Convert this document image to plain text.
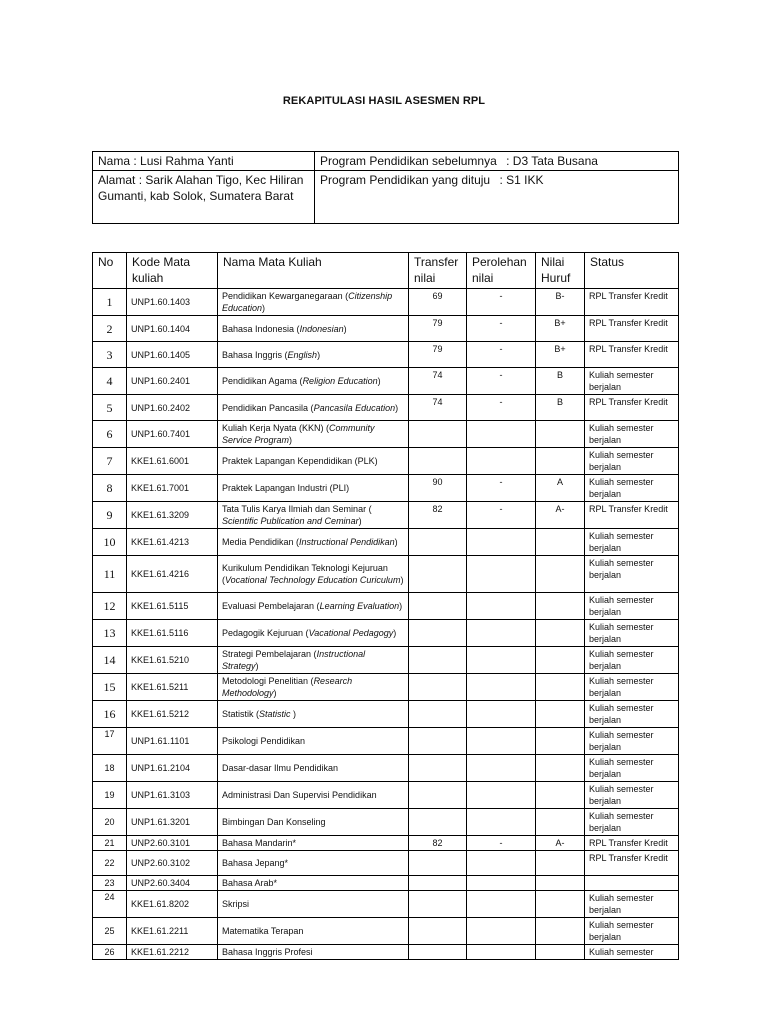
REKAPITULASI HASIL ASESMEN RPL
Nama : Lusi Rahma Yanti	Program Pendidikan sebelumnya : D3 Tata Busana
Alamat : Sarik Alahan Tigo, Kec Hiliran Gumanti, kab Solok, Sumatera Barat	Program Pendidikan yang dituju : S1 IKK
No	Kode Mata kuliah	Nama Mata Kuliah	Transfer nilai	Perolehan nilai	Nilai Huruf	Status
1	UNP1.60.1403	Pendidikan Kewarganegaraan (Citizenship Education)	69	-	B-	RPL Transfer Kredit
2	UNP1.60.1404	Bahasa Indonesia (Indonesian)	79	-	B+	RPL Transfer Kredit
3	UNP1.60.1405	Bahasa Inggris (English)	79	-	B+	RPL Transfer Kredit
4	UNP1.60.2401	Pendidikan Agama (Religion Education)	74	-	B	Kuliah semester berjalan
5	UNP1.60.2402	Pendidikan Pancasila (Pancasila Education)	74	-	B	RPL Transfer Kredit
6	UNP1.60.7401	Kuliah Kerja Nyata (KKN) (Community Service Program)				Kuliah semester berjalan
7	KKE1.61.6001	Praktek Lapangan Kependidikan (PLK)				Kuliah semester berjalan
8	KKE1.61.7001	Praktek Lapangan Industri (PLI)	90	-	A	Kuliah semester berjalan
9	KKE1.61.3209	Tata Tulis Karya Ilmiah dan Seminar ( Scientific Publication and Ceminar)	82	-	A-	RPL Transfer Kredit
10	KKE1.61.4213	Media Pendidikan (Instructional Pendidikan)				Kuliah semester berjalan
11	KKE1.61.4216	Kurikulum Pendidikan Teknologi Kejuruan (Vocational Technology Education Curiculum)				Kuliah semester berjalan
12	KKE1.61.5115	Evaluasi Pembelajaran (Learning Evaluation)				Kuliah semester berjalan
13	KKE1.61.5116	Pedagogik Kejuruan (Vacational Pedagogy)				Kuliah semester berjalan
14	KKE1.61.5210	Strategi Pembelajaran (Instructional Strategy)				Kuliah semester berjalan
15	KKE1.61.5211	Metodologi Penelitian (Research Methodology)				Kuliah semester berjalan
16	KKE1.61.5212	Statistik (Statistic )				Kuliah semester berjalan
17	UNP1.61.1101	Psikologi Pendidikan				Kuliah semester berjalan
18	UNP1.61.2104	Dasar-dasar Ilmu Pendidikan				Kuliah semester berjalan
19	UNP1.61.3103	Administrasi Dan Supervisi Pendidikan				Kuliah semester berjalan
20	UNP1.61.3201	Bimbingan Dan Konseling				Kuliah semester berjalan
21	UNP2.60.3101	Bahasa Mandarin*	82	-	A-	RPL Transfer Kredit
22	UNP2.60.3102	Bahasa Jepang*				RPL Transfer Kredit
23	UNP2.60.3404	Bahasa Arab*				
24	KKE1.61.8202	Skripsi				Kuliah semester berjalan
25	KKE1.61.2211	Matematika Terapan				Kuliah semester berjalan
26	KKE1.61.2212	Bahasa Inggris Profesi				Kuliah semester
